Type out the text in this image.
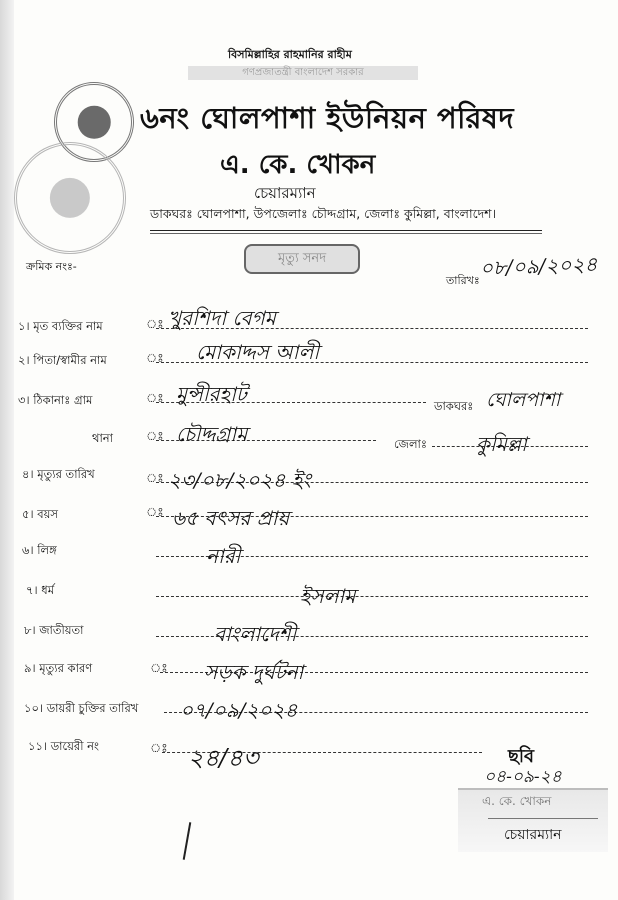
বিসমিল্লাহির রাহমানির রাহীম
গণপ্রজাতন্ত্রী বাংলাদেশ সরকার
৬নং ঘোলপাশা ইউনিয়ন পরিষদ
এ. কে. খোকন
চেয়ারম্যান
ডাকঘরঃ ঘোলপাশা, উপজেলাঃ চৌদ্দগ্রাম, জেলাঃ কুমিল্লা, বাংলাদেশ।
ক্রমিক নংঃ-
মৃত্যু সনদ
তারিখঃ
০৮/০৯/২০২৪
১। মৃত ব্যক্তির নাম	ঃ খুরশিদা বেগম
২। পিতা/স্বামীর নাম	ঃ মোকাদ্দস আলী
৩। ঠিকানাঃ গ্রাম	ঃ মুন্সীরহাট	ডাকঘরঃ ঘোলপাশা
থানা	ঃ চৌদ্দগ্রাম	জেলাঃ কুমিল্লা
৪। মৃত্যুর তারিখ	ঃ ২৩/০৮/২০২৪ ইং
৫। বয়স	ঃ ৬৫ বৎসর প্রায়
৬। লিঙ্গ	নারী
৭। ধর্ম	ইসলাম
৮। জাতীয়তা	বাংলাদেশী
৯। মৃত্যুর কারণ	ঃ সড়ক দুর্ঘটনা
১০। ডায়রী চুক্তির তারিখ ০৭/০৯/২০২৪
১১। ডায়েরী নং	ঃ ২৪/৪৩	ছবি
০৪-০৯-২৪
এ. কে. খোকন
চেয়ারম্যান
